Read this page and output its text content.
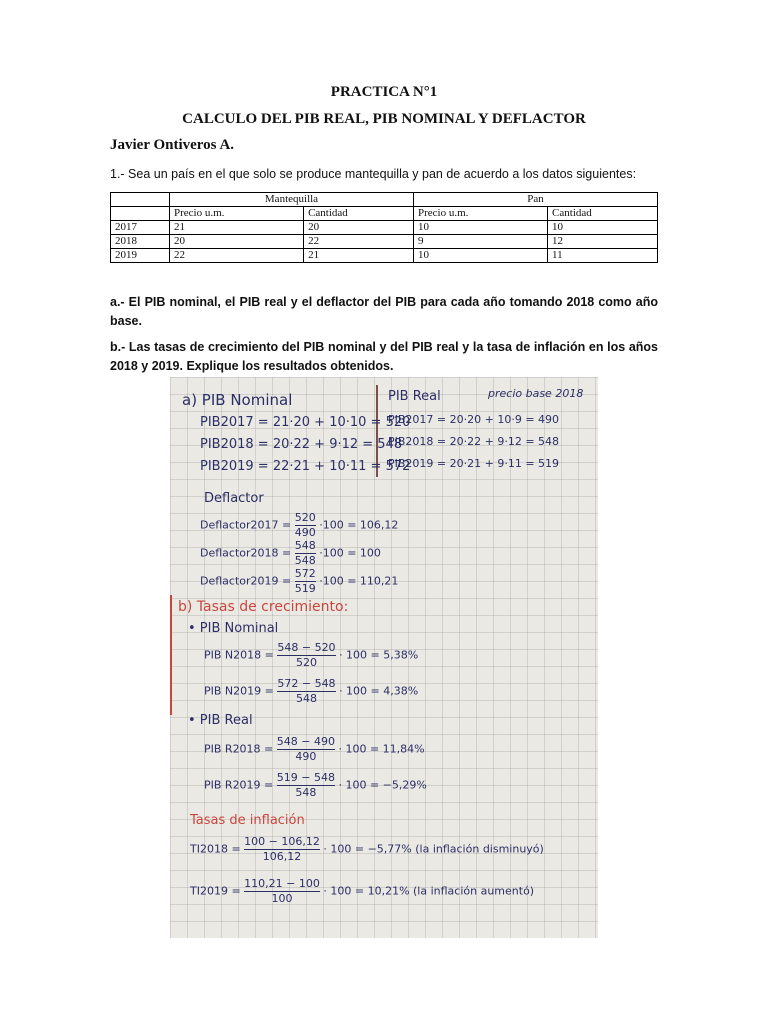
PRACTICA N°1
CALCULO DEL PIB REAL, PIB NOMINAL Y DEFLACTOR
Javier Ontiveros A.
1.- Sea un país en el que solo se produce mantequilla y pan de acuerdo a los datos siguientes:
	Mantequilla		Pan	
	Precio u.m.	Cantidad	Precio u.m.	Cantidad
2017	21	20	10	10
2018	20	22	9	12
2019	22	21	10	11
a.- El PIB nominal, el PIB real y el deflactor del PIB para cada año tomando 2018 como año base.
b.- Las tasas de crecimiento del PIB nominal y del PIB real y la tasa de inflación en los años 2018 y 2019. Explique los resultados obtenidos.
a) PIB Nominal
PIB2017 = 21·20 + 10·10 = 520
PIB2018 = 20·22 + 9·12 = 548
PIB2019 = 22·21 + 10·11 = 572
PIB Real	precio base 2018
PIB2017 = 20·20 + 10·9 = 490
PIB2018 = 20·22 + 9·12 = 548
PIB2019 = 20·21 + 9·11 = 519
Deflactor
Deflactor2017 = $\frac{520}{490} \cdot 100 = 106,12$
Deflactor2018 = $\frac{548}{548} \cdot 100 = 100$
Deflactor2019 = $\frac{572}{519} \cdot 100 = 110,21$
b) Tasas de crecimiento:
• PIB Nominal
PIB $N2018 = \frac{548 - 520}{520} \cdot 100 = 5,38\%$
PIB $N2019 = \frac{572 - 548}{548} \cdot 100 = 4,38\%$
• PIB Real
PIB $R2018 = \frac{548 - 490}{490} \cdot 100 = 11,84\%$
PIB $R2019 = \frac{519 - 548}{548} \cdot 100 = -5,29\%$
Tasas de inflación
$TI2018 = \frac{100 - 106,12}{106,12} \cdot 100 = -5,77\%$ (la inflación disminuyó)
$TI2019 = \frac{110,21 - 100}{100} \cdot 100 = 10,21\%$ (la inflación aumentó)
